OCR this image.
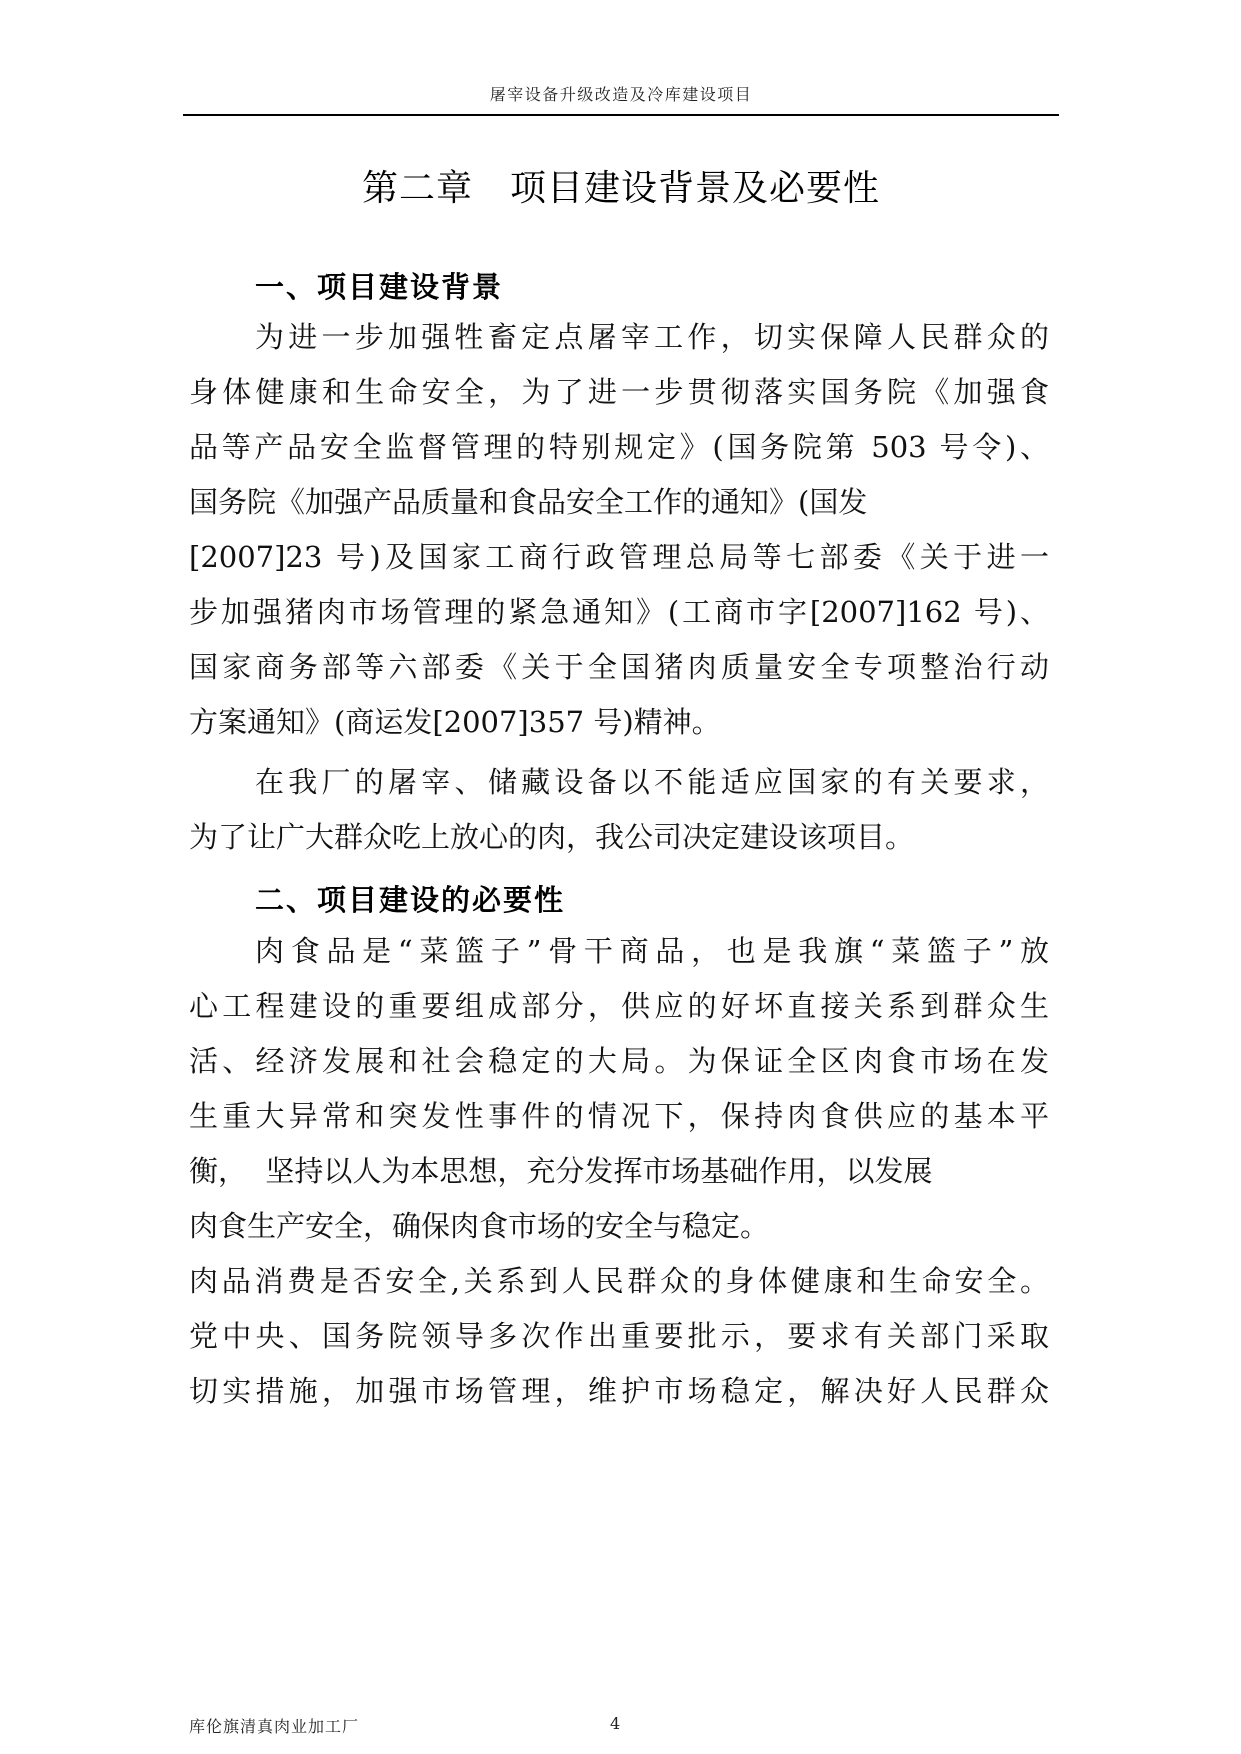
屠宰设备升级改造及冷库建设项目
第二章　项目建设背景及必要性
一、项目建设背景
为进一步加强牲畜定点屠宰工作，切实保障人民群众的
身体健康和生命安全，为了进一步贯彻落实国务院《加强食
品等产品安全监督管理的特别规定》(国务院第 503 号令)、
国务院《加强产品质量和食品安全工作的通知》(国发
[2007]23 号)及国家工商行政管理总局等七部委《关于进一
步加强猪肉市场管理的紧急通知》(工商市字[2007]162 号)、
国家商务部等六部委《关于全国猪肉质量安全专项整治行动
方案通知》(商运发[2007]357 号)精神。
在我厂的屠宰、储藏设备以不能适应国家的有关要求，
为了让广大群众吃上放心的肉，我公司决定建设该项目。
二、项目建设的必要性
肉食品是“菜篮子”骨干商品，也是我旗“菜篮子”放
心工程建设的重要组成部分，供应的好坏直接关系到群众生
活、经济发展和社会稳定的大局。为保证全区肉食市场在发
生重大异常和突发性事件的情况下，保持肉食供应的基本平
衡，  坚持以人为本思想，充分发挥市场基础作用，以发展
肉食生产安全，确保肉食市场的安全与稳定。
肉品消费是否安全,关系到人民群众的身体健康和生命安全。
党中央、国务院领导多次作出重要批示，要求有关部门采取
切实措施，加强市场管理，维护市场稳定，解决好人民群众
库伦旗清真肉业加工厂	4
